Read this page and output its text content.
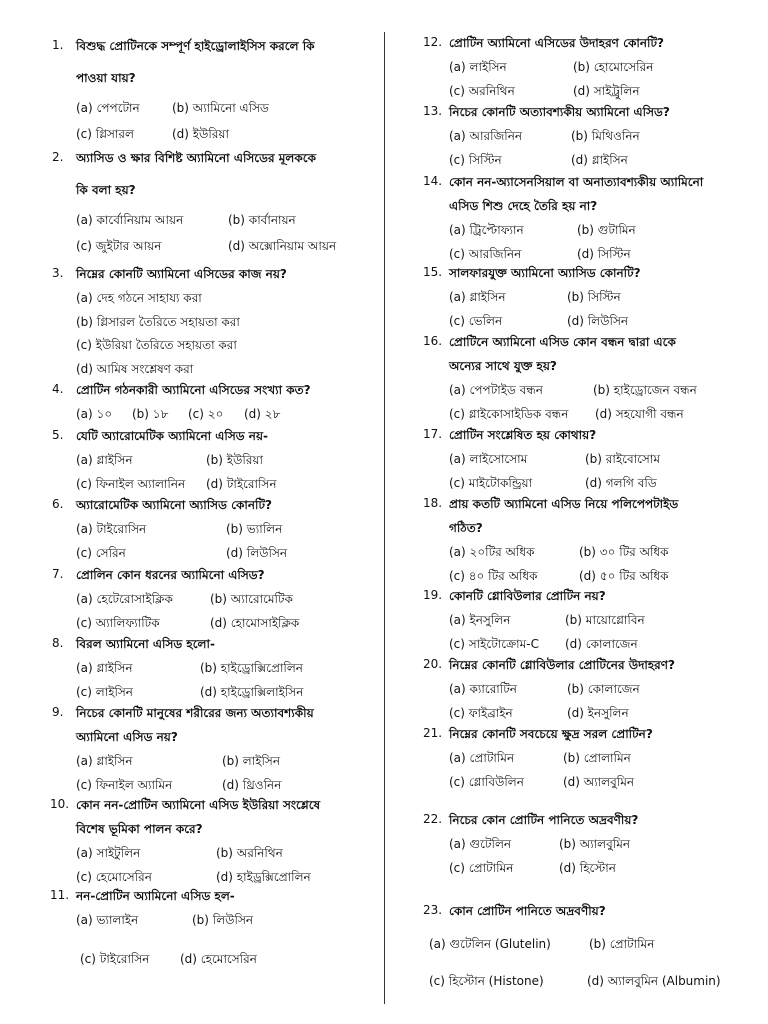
1. বিশুদ্ধ প্রোটিনকে সম্পূর্ণ হাইড্রোলাইসিস করলে কি
পাওয়া যায়?
(a) পেপটোন	(b) অ্যামিনো এসিড
(c) গ্লিসারল	(d) ইউরিয়া
2. অ্যাসিড ও ক্ষার বিশিষ্ট অ্যামিনো এসিডের মূলককে
কি বলা হয়?
(a) কার্বোনিয়াম আয়ন	(b) কার্বানায়ন
(c) জুইটার আয়ন	(d) অক্সোনিয়াম আয়ন
3. নিম্নের কোনটি অ্যামিনো এসিডের কাজ নয়?
(a) দেহ গঠনে সাহায্য করা
(b) গ্লিসারল তৈরিতে সহায়তা করা
(c) ইউরিয়া তৈরিতে সহায়তা করা
(d) আমিষ সংশ্লেষণ করা
4. প্রোটিন গঠনকারী অ্যামিনো এসিডের সংখ্যা কত?
(a) ১০ (b) ১৮ (c) ২০ (d) ২৮
5. যেটি অ্যারোমেটিক অ্যামিনো এসিড নয়-
(a) গ্লাইসিন	(b) ইউরিয়া
(c) ফিনাইল অ্যালানিন (d) টাইরোসিন
6. অ্যারোমেটিক অ্যামিনো অ্যাসিড কোনটি?
(a) টাইরোসিন	(b) ভ্যালিন
(c) সেরিন	(d) লিউসিন
7. প্রোলিন কোন ধরনের অ্যামিনো এসিড?
(a) হেটেরোসাইক্লিক	(b) অ্যারোমেটিক
(c) অ্যালিফ্যাটিক	(d) হোমোসাইক্লিক
8. বিরল অ্যামিনো এসিড হলো-
(a) গ্লাইসিন	(b) হাইড্রোক্সিপ্রোলিন
(c) লাইসিন	(d) হাইড্রোক্সিলাইসিন
9. নিচের কোনটি মানুষের শরীরের জন্য অত্যাবশ্যকীয়
অ্যামিনো এসিড নয়?
(a) গ্লাইসিন	(b) লাইসিন
(c) ফিনাইল অ্যামিন	(d) থ্রিওনিন
10. কোন নন-প্রোটিন অ্যামিনো এসিড ইউরিয়া সংশ্লেষে
বিশেষ ভূমিকা পালন করে?
(a) সাইটুলিন	(b) অরনিথিন
(c) হেমোসেরিন	(d) হাইড্রক্সিপ্রোলিন
11. নন-প্রোটিন অ্যামিনো এসিড হল-
(a) ভ্যালাইন	(b) লিউসিন
(c) টাইরোসিন	(d) হেমোসেরিন
12. প্রোটিন অ্যামিনো এসিডের উদাহরণ কোনটি?
(a) লাইসিন	(b) হোমোসেরিন
(c) অরনিথিন	(d) সাইট্রুলিন
13. নিচের কোনটি অত্যাবশ্যকীয় অ্যামিনো এসিড?
(a) আরজিনিন	(b) মিথিওনিন
(c) সিস্টিন	(d) গ্লাইসিন
14. কোন নন-অ্যাসেনসিয়াল বা অনাত্যাবশ্যকীয় অ্যামিনো
এসিড শিশু দেহে তৈরি হয় না?
(a) ট্রিপ্টোফ্যান	(b) গুটামিন
(c) আরজিনিন	(d) সিস্টিন
15. সালফারযুক্ত অ্যামিনো অ্যাসিড কোনটি?
(a) গ্লাইসিন	(b) সিস্টিন
(c) ভেলিন	(d) লিউসিন
16. প্রোটিনে অ্যামিনো এসিড কোন বন্ধন দ্বারা একে
অন্যের সাথে যুক্ত হয়?
(a) পেপটাইড বন্ধন	(b) হাইড্রোজেন বন্ধন
(c) গ্লাইকোসাইডিক বন্ধন (d) সহযোগী বন্ধন
17. প্রোটিন সংশ্লেষিত হয় কোথায়?
(a) লাইসোসোম	(b) রাইবোসোম
(c) মাইটোকন্ড্রিয়া	(d) গলগি বডি
18. প্রায় কতটি অ্যামিনো এসিড নিয়ে পলিপেপটাইড
গঠিত?
(a) ২০টির অধিক	(b) ৩০ টির অধিক
(c) ৪০ টির অধিক	(d) ৫০ টির অধিক
19. কোনটি গ্লোবিউলার প্রোটিন নয়?
(a) ইনসুলিন	(b) মায়োগ্লোবিন
(c) সাইটোক্রোম-C (d) কোলাজেন
20. নিম্নের কোনটি গ্লোবিউলার প্রোটিনের উদাহরণ?
(a) ক্যারোটিন	(b) কোলাজেন
(c) ফাইব্রাইন	(d) ইনসুলিন
21. নিম্নের কোনটি সবচেয়ে ক্ষুদ্র সরল প্রোটিন?
(a) প্রোটামিন	(b) প্রোলামিন
(c) গ্লোবিউলিন	(d) অ্যালবুমিন
22. নিচের কোন প্রোটিন পানিতে অদ্রবণীয়?
(a) গুটেলিন	(b) অ্যালবুমিন
(c) প্রোটামিন	(d) হিস্টোন
23. কোন প্রোটিন পানিতে অদ্রবণীয়?
(a) গুটেলিন (Glutelin)	(b) প্রোটামিন
(c) হিস্টোন (Histone)	(d) অ্যালবুমিন (Albumin)
